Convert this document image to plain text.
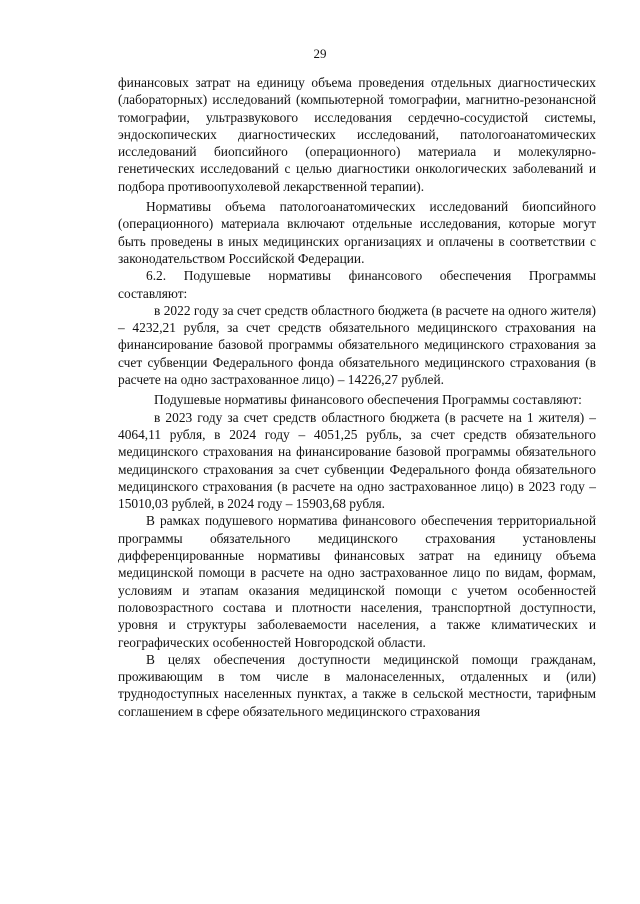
29

финансовых затрат на единицу объема проведения отдельных диагностических (лабораторных) исследований (компьютерной томографии, магнитно-резонансной томографии, ультразвукового исследования сердечно-сосудистой системы, эндоскопических диагностических исследований, патологоанатомических исследований биопсийного (операционного) материала и молекулярно-генетических исследований с целью диагностики онкологических заболеваний и подбора противоопухолевой лекарственной терапии).

Нормативы объема патологоанатомических исследований биопсийного (операционного) материала включают отдельные исследования, которые могут быть проведены в иных медицинских организациях и оплачены в соответствии с законодательством Российской Федерации.

6.2. Подушевые нормативы финансового обеспечения Программы составляют:

в 2022 году за счет средств областного бюджета (в расчете на одного жителя) – 4232,21 рубля, за счет средств обязательного медицинского страхования на финансирование базовой программы обязательного медицинского страхования за счет субвенции Федерального фонда обязательного медицинского страхования (в расчете на одно застрахованное лицо) – 14226,27 рублей.

Подушевые нормативы финансового обеспечения Программы составляют:

в 2023 году за счет средств областного бюджета (в расчете на 1 жителя) – 4064,11 рубля, в 2024 году – 4051,25 рубль, за счет средств обязательного медицинского страхования на финансирование базовой программы обязательного медицинского страхования за счет субвенции Федерального фонда обязательного медицинского страхования (в расчете на одно застрахованное лицо) в 2023 году – 15010,03 рублей, в 2024 году – 15903,68 рубля.

В рамках подушевого норматива финансового обеспечения территориальной программы обязательного медицинского страхования установлены дифференцированные нормативы финансовых затрат на единицу объема медицинской помощи в расчете на одно застрахованное лицо по видам, формам, условиям и этапам оказания медицинской помощи с учетом особенностей половозрастного состава и плотности населения, транспортной доступности, уровня и структуры заболеваемости населения, а также климатических и географических особенностей Новгородской области.

В целях обеспечения доступности медицинской помощи гражданам, проживающим в том числе в малонаселенных, отдаленных и (или) труднодоступных населенных пунктах, а также в сельской местности, тарифным соглашением в сфере обязательного медицинского страхования
